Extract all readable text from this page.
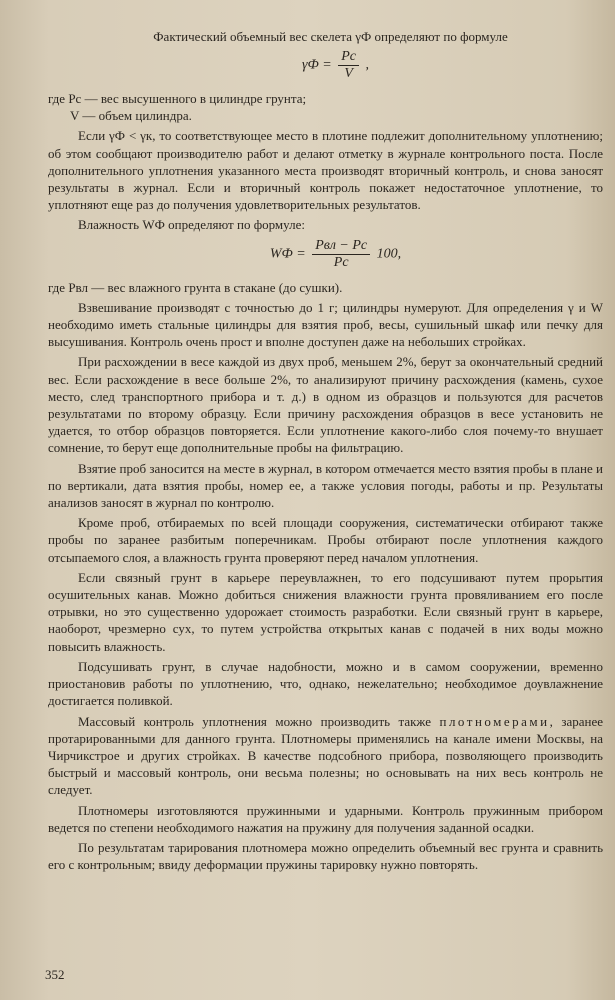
Фактический объемный вес скелета γФ определяют по формуле

$\gamma Ф = \frac{Pс}{V}$ ,

где Pс — вес высушенного в цилиндре грунта;

V — объем цилиндра.

Если γФ < γк, то соответствующее место в плотине подлежит дополнительному уплотнению; об этом сообщают производителю работ и делают отметку в журнале контрольного поста. После дополнительного уплотнения указанного места производят вторичный контроль, и снова заносят результаты в журнал. Если и вторичный контроль покажет недостаточное уплотнение, то уплотняют еще раз до получения удовлетворительных результатов.

Влажность WФ определяют по формуле:

WФ = $\frac{\text{Pвл − Pс}}{Pс} 100$,

где Pвл — вес влажного грунта в стакане (до сушки).

Взвешивание производят с точностью до 1 г; цилиндры нумеруют. Для определения γ и W необходимо иметь стальные цилиндры для взятия проб, весы, сушильный шкаф или печку для высушивания. Контроль очень прост и вполне доступен даже на небольших стройках.

При расхождении в весе каждой из двух проб, меньшем 2%, берут за окончательный средний вес. Если расхождение в весе больше 2%, то анализируют причину расхождения (камень, сухое место, след транспортного прибора и т. д.) в одном из образцов и пользуются для расчетов результатами по второму образцу. Если причину расхождения образцов в весе установить не удается, то отбор образцов повторяется. Если уплотнение какого-либо слоя почему-то внушает сомнение, то берут еще дополнительные пробы на фильтрацию.

Взятие проб заносится на месте в журнал, в котором отмечается место взятия пробы в плане и по вертикали, дата взятия пробы, номер ее, а также условия погоды, работы и пр. Результаты анализов заносят в журнал по контролю.

Кроме проб, отбираемых по всей площади сооружения, систематически отбирают также пробы по заранее разбитым поперечникам. Пробы отбирают после уплотнения каждого отсыпаемого слоя, а влажность грунта проверяют перед началом уплотнения.

Если связный грунт в карьере переувлажнен, то его подсушивают путем прорытия осушительных канав. Можно добиться снижения влажности грунта провяливанием его после отрывки, но это существенно удорожает стоимость разработки. Если связный грунт в карьере, наоборот, чрезмерно сух, то путем устройства открытых канав с подачей в них воды можно повысить влажность.

Подсушивать грунт, в случае надобности, можно и в самом сооружении, временно приостановив работы по уплотнению, что, однако, нежелательно; необходимое доувлажнение достигается поливкой.

Массовый контроль уплотнения можно производить также плотномерами, заранее протарированными для данного грунта. Плотномеры применялись на канале имени Москвы, на Чирчикстрое и других стройках. В качестве подсобного прибора, позволяющего производить быстрый и массовый контроль, они весьма полезны; но основывать на них весь контроль не следует.

Плотномеры изготовляются пружинными и ударными. Контроль пружинным прибором ведется по степени необходимого нажатия на пружину для получения заданной осадки.

По результатам тарирования плотномера можно определить объемный вес грунта и сравнить его с контрольным; ввиду деформации пружины тарировку нужно повторять.

352
